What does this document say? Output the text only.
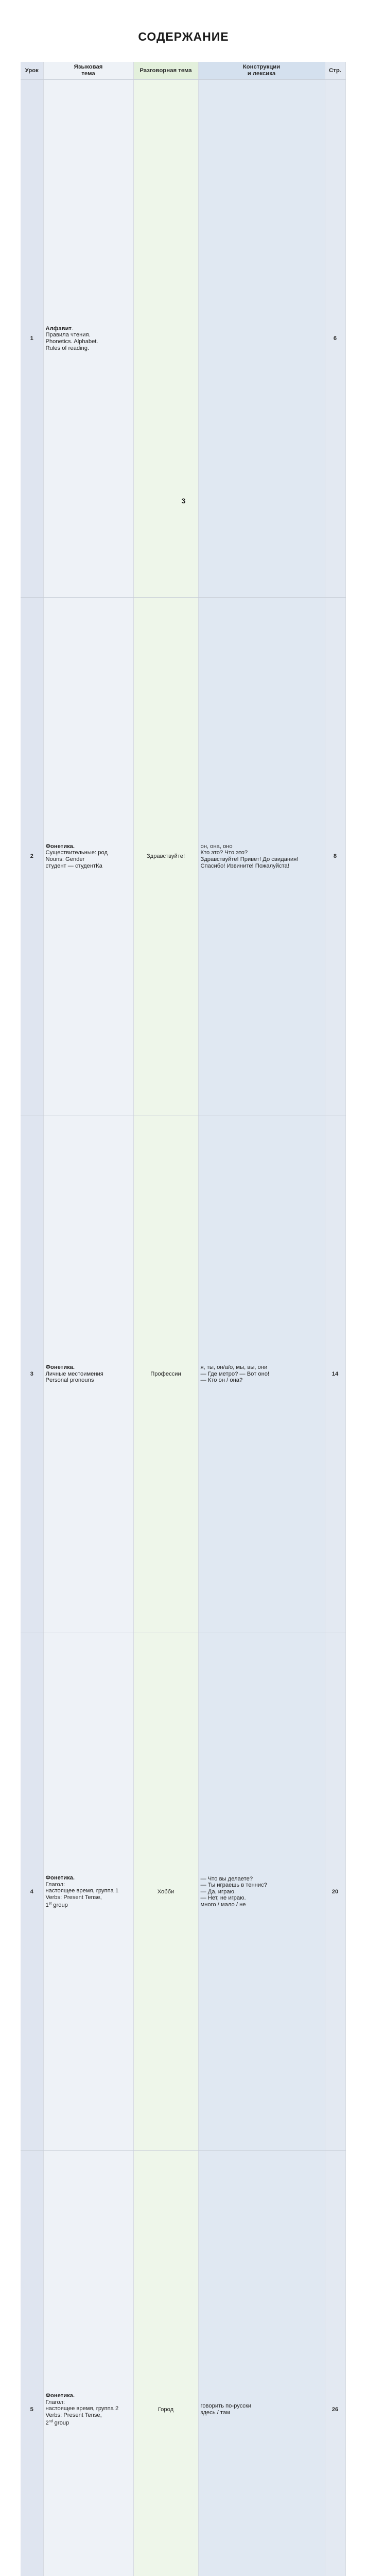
СОДЕРЖАНИЕ
Урок	Языковая
тема	Разговорная тема	Конструкции
и лексика	Стр.
1	Алфавит.
Правила чтения.
Phonetics. Alphabet.
Rules of reading.			6
2	Фонетика.
Существительные: род
Nouns: Gender
студент — студентКа	Здравствуйте!	он, она, оно
Кто это? Что это?
Здравствуйте! Привет! До свидания!
Спасибо! Извините! Пожалуйста!	8
3	Фонетика.
Личные местоимения
Personal pronouns	Профессии	я, ты, он/а/о, мы, вы, они
— Где метро? — Вот оно!
— Кто он / она?	14
4	Фонетика.
Глагол:
настоящее время, группа 1
Verbs: Present Tense,
1st group	Хобби	— Что вы делаете?
— Ты играешь в теннис?
— Да, играю.
— Нет, не играю.
много / мало / не	20
5	Фонетика.
Глагол:
настоящее время, группа 2
Verbs: Present Tense,
2nd group	Город	говорить по-русски
здесь / там	26

3
